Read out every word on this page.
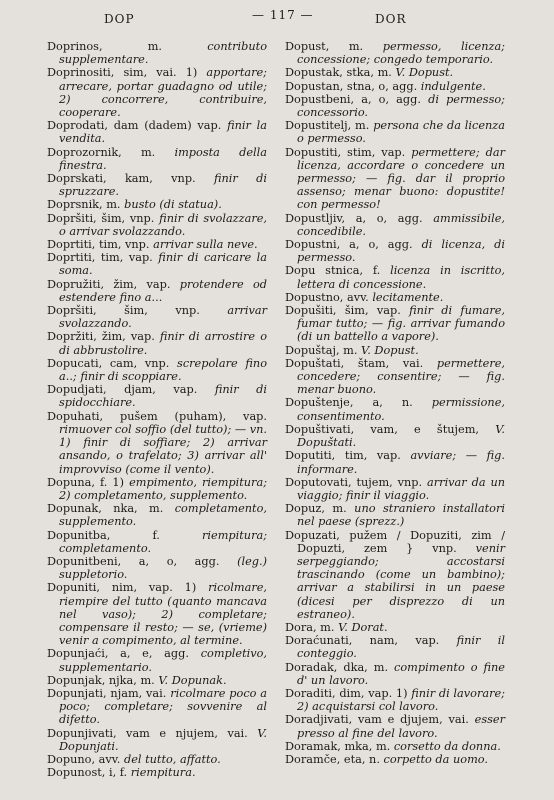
DOP	— 117 —	DOR
Doprinos, m.	contributo supplementare.
Doprinositi, sim, vai. 1) apportare; arrecare, portar guadagno od utile; 2) concorrere, contribuire, cooperare.
Doprodati, dam (dadem) vap. finir la vendita.
Doprozornik, m. imposta della finestra.
Doprskati, kam, vnp. finir di spruzzare.
Doprsnik, m. busto (di statua).
Dopršiti, šim, vnp. finir di svolazzare, o arrivar svolazzando.
Doprtiti, tim, vnp. arrivar sulla neve.
Doprtiti, tim, vap. finir di caricare la soma.
Dopružiti, žim, vap. protendere od estendere fino a...
Dopršiti, šim, vnp. arrivar svolazzando.
Dopržiti, žim, vap. finir di arrostire o di abbrustolire.
Dopucati, cam, vnp. screpolare fino a..; finir di scoppiare.
Dopudjati, djam, vap. finir di spidocchiare.
Dopuhati, pušem (puham), vap. rimuover col soffio (del tutto); — vn. 1) finir di soffiare; 2) arrivar ansando, o trafelato; 3) arrivar all' improvviso (come il vento).
Dopuna, f. 1) empimento, riempitura; 2) completamento, supplemento.
Dopunak, nka, m. completamento, supplemento.
Dopunitba, f.	riempitura; completamento.
Dopunitbeni, a, o, agg. (leg.) suppletorio.
Dopuniti, nim, vap. 1) ricolmare, riempire del tutto (quanto mancava nel vaso); 2) completare; compensare il resto; — se, (vrieme) venir a compimento, al termine.
Dopunjaći, a, e, agg. completivo, supplementario.
Dopunjak, njka, m. V. Dopunak.
Dopunjati, njam, vai. ricolmare poco a poco; completare; sovvenire al difetto.
Dopunjivati, vam e njujem, vai. V. Dopunjati.
Dopuno, avv. del tutto, affatto.
Dopunost, i, f. riempitura.
Dopust, m. permesso, licenza; concessione; congedo temporario.
Dopustak, stka, m. V. Dopust.
Dopustan, stna, o, agg. indulgente.
Dopustbeni, a, o, agg. di permesso; concessorio.
Dopustitelj, m. persona che da licenza o permesso.
Dopustiti, stim, vap. permettere; dar licenza, accordare o concedere un permesso; — fig. dar il proprio assenso; menar buono: dopustite! con permesso!
Dopustljiv, a, o, agg. ammissibile, concedibile.
Dopustni, a, o, agg. di licenza, di permesso.
Dopu stnica, f. licenza in iscritto, lettera di concessione.
Dopustno, avv. lecitamente.
Dopušiti, šim, vap. finir di fumare, fumar tutto; — fig. arrivar fumando (di un battello a vapore).
Dopuštaj, m. V. Dopust.
Dopuštati, štam, vai. permettere, concedere; consentire; — fig. menar buono.
Dopuštenje, a, n. permissione, consentimento.
Dopuštivati, vam, e štujem, V. Dopuštati.
Doputiti, tim, vap. avviare; — fig. informare.
Doputovati, tujem, vnp. arrivar da un viaggio; finir il viaggio.
Dopuz, m. uno straniero installatori nel paese (sprezz.)
Dopuzati, pužem / Dopuziti, zim / Dopuzti, zem } vnp. venir serpeggiando; accostarsi trascinando (come un bambino); arrivar a stabilirsi in un paese (dicesi per disprezzo di un estraneo).
Dora, m. V. Dorat.
Doraćunati, nam, vap. finir il conteggio.
Doradak, dka, m. compimento o fine d' un lavoro.
Doraditi, dim, vap. 1) finir di lavorare; 2) acquistarsi col lavoro.
Doradjivati, vam e djujem, vai. esser presso al fine del lavoro.
Doramak, mka, m. corsetto da donna.
Doramče, eta, n. corpetto da uomo.
